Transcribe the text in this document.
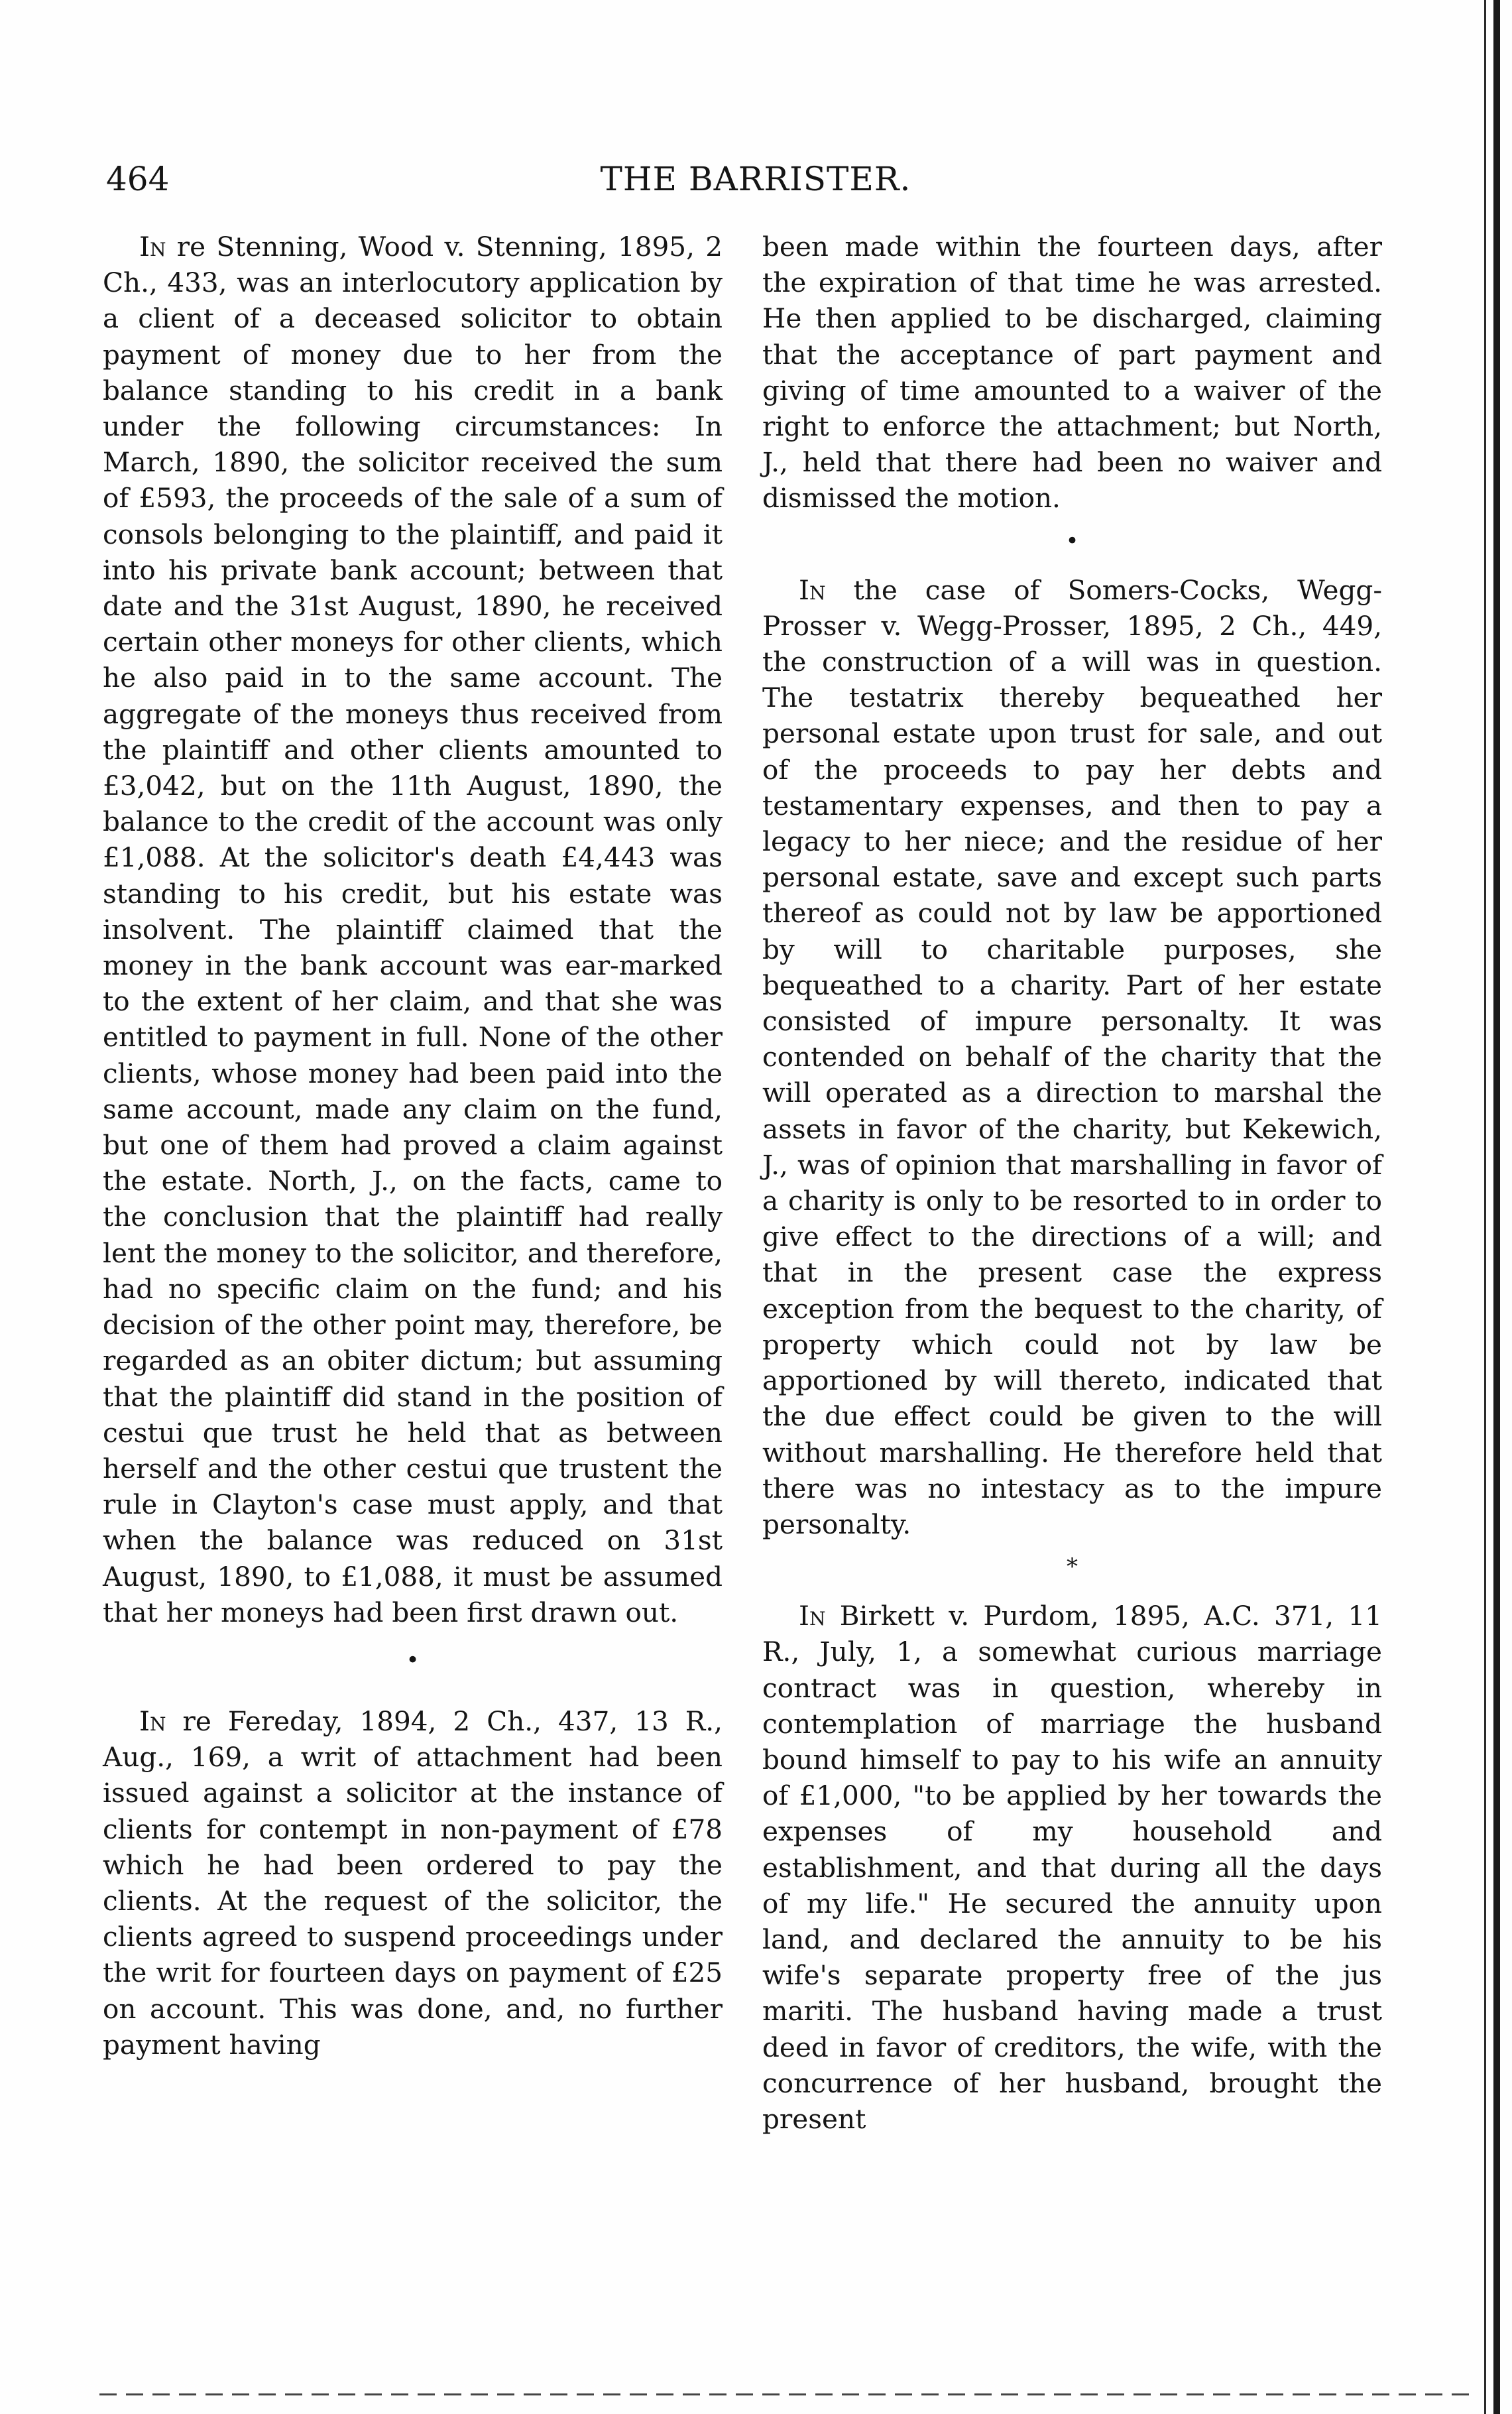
464	THE BARRISTER.

In re Stenning, Wood v. Stenning, 1895, 2 Ch., 433, was an interlocutory application by a client of a deceased solicitor to obtain payment of money due to her from the balance standing to his credit in a bank under the following circumstances: In March, 1890, the solicitor received the sum of £593, the proceeds of the sale of a sum of consols belonging to the plaintiff, and paid it into his private bank account; between that date and the 31st August, 1890, he received certain other moneys for other clients, which he also paid in to the same account. The aggregate of the moneys thus received from the plaintiff and other clients amounted to £3,042, but on the 11th August, 1890, the balance to the credit of the account was only £1,088. At the solicitor's death £4,443 was standing to his credit, but his estate was insolvent. The plaintiff claimed that the money in the bank account was ear-marked to the extent of her claim, and that she was entitled to payment in full. None of the other clients, whose money had been paid into the same account, made any claim on the fund, but one of them had proved a claim against the estate. North, J., on the facts, came to the conclusion that the plaintiff had really lent the money to the solicitor, and therefore, had no specific claim on the fund; and his decision of the other point may, therefore, be regarded as an obiter dictum; but assuming that the plaintiff did stand in the position of cestui que trust he held that as between herself and the other cestui que trustent the rule in Clayton's case must apply, and that when the balance was reduced on 31st August, 1890, to £1,088, it must be assumed that her moneys had been first drawn out.

•

In re Fereday, 1894, 2 Ch., 437, 13 R., Aug., 169, a writ of attachment had been issued against a solicitor at the instance of clients for contempt in non-payment of £78 which he had been ordered to pay the clients. At the request of the solicitor, the clients agreed to suspend proceedings under the writ for fourteen days on payment of £25 on account. This was done, and, no further payment having

been made within the fourteen days, after the expiration of that time he was arrested. He then applied to be discharged, claiming that the acceptance of part payment and giving of time amounted to a waiver of the right to enforce the attachment; but North, J., held that there had been no waiver and dismissed the motion.

•

In the case of Somers-Cocks, Wegg-Prosser v. Wegg-Prosser, 1895, 2 Ch., 449, the construction of a will was in question. The testatrix thereby bequeathed her personal estate upon trust for sale, and out of the proceeds to pay her debts and testamentary expenses, and then to pay a legacy to her niece; and the residue of her personal estate, save and except such parts thereof as could not by law be apportioned by will to charitable purposes, she bequeathed to a charity. Part of her estate consisted of impure personalty. It was contended on behalf of the charity that the will operated as a direction to marshal the assets in favor of the charity, but Kekewich, J., was of opinion that marshalling in favor of a charity is only to be resorted to in order to give effect to the directions of a will; and that in the present case the express exception from the bequest to the charity, of property which could not by law be apportioned by will thereto, indicated that the due effect could be given to the will without marshalling. He therefore held that there was no intestacy as to the impure personalty.

*

In Birkett v. Purdom, 1895, A.C. 371, 11 R., July, 1, a somewhat curious marriage contract was in question, whereby in contemplation of marriage the husband bound himself to pay to his wife an annuity of £1,000, "to be applied by her towards the expenses of my household and establishment, and that during all the days of my life." He secured the annuity upon land, and declared the annuity to be his wife's separate property free of the jus mariti. The husband having made a trust deed in favor of creditors, the wife, with the concurrence of her husband, brought the present
